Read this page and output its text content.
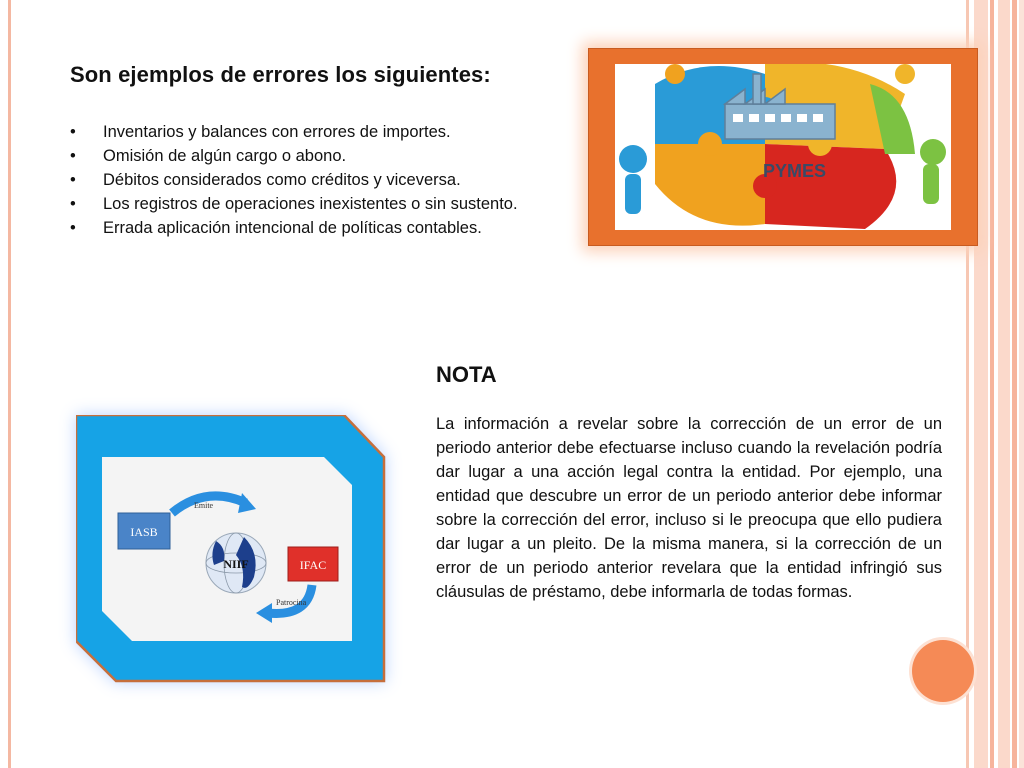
Son ejemplos de errores los siguientes:
• Inventarios y balances con errores de importes.
• Omisión de algún cargo o abono.
• Débitos considerados como créditos y viceversa.
• Los registros de operaciones inexistentes o sin sustento.
• Errada aplicación intencional de políticas contables.
PYMES
IASB
Emite
NIIF	IFAC
Patrocina
NOTA

La información a revelar sobre la corrección de un error de un periodo anterior debe efectuarse incluso cuando la revelación podría dar lugar a una acción legal contra la entidad. Por ejemplo, una entidad que descubre un error de un periodo anterior debe informar sobre la corrección del error, incluso si le preocupa que ello pudiera dar lugar a un pleito. De la misma manera, si la corrección de un error de un periodo anterior revelara que la entidad infringió sus cláusulas de préstamo, debe informarla de todas formas.
